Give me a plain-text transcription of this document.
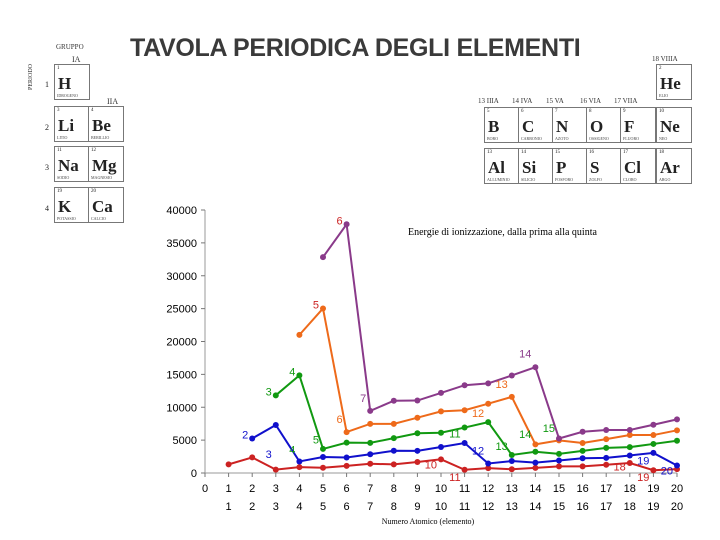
TAVOLA PERIODICA DEGLI ELEMENTI
GRUPPO
IA
PERIODO
IIA
1
2
3
4
1
H
IDROGENO
3
Li
LITIO
4
Be
BERILLIO
11
Na
SODIO
12
Mg
MAGNESIO
19
K
POTASSIO
20
Ca
CALCIO
13 IIIA 14 IVA 15 VA 16 VIA 17 VIIA
18 VIIIA
2
He
ELIO
5
B
BORO
6
C
CARBONIO
7
N
AZOTO
8
O
OSSIGENO
9
F
FLUORO
10
Ne
NEO
13
Al
ALLUMINIO
14
Si
SILICIO
15
P
FOSFORO
16
S
ZOLFO
17
Cl
CLORO
18
Ar
ARGO
0
5000
10000
15000
20000
25000
30000
35000
40000
0 1 2 3 4 5 6 7 8 9 10 11 12 13 14 15 16 17 18 19 20
1 2 3 4 5 6 7 8 9 10 11 12 13 14 15 16 17 18 19 20
Energie di ionizzazione, dalla prima alla quinta
Numero Atomico (elemento)
6
5
4
3
2
3 4
5
6
7
14
13
12
11
10
11
12 13
14 15
18 19
19
20
